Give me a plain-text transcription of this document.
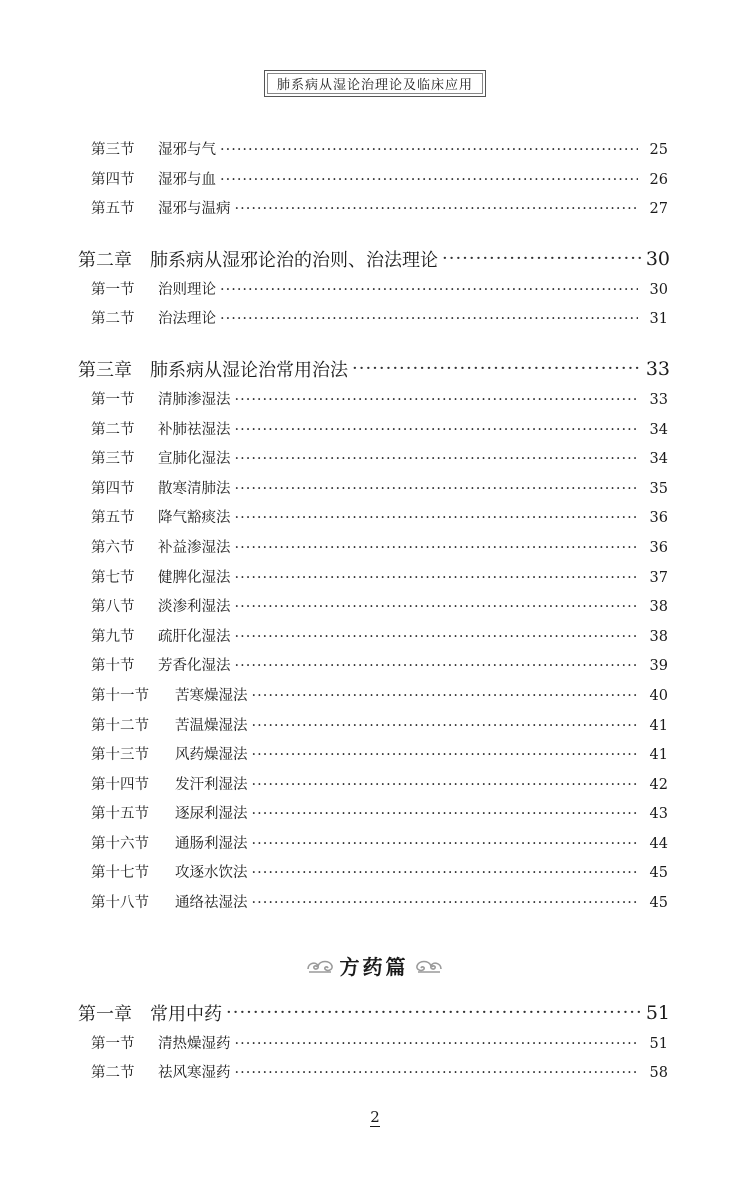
肺系病从湿论治理论及临床应用
第三节	湿邪与气 ·····	25
第四节	湿邪与血 ·····	26
第五节	湿邪与温病 ·····	27
第二章	肺系病从湿邪论治的治则、治法理论 ·····	30
第一节	治则理论 ·····	30
第二节	治法理论 ·····	31
第三章	肺系病从湿论治常用治法 ·····	33
第一节	清肺渗湿法 ·····	33
第二节	补肺祛湿法 ·····	34
第三节	宣肺化湿法 ·····	34
第四节	散寒清肺法 ·····	35
第五节	降气豁痰法 ·····	36
第六节	补益渗湿法 ·····	36
第七节	健脾化湿法 ·····	37
第八节	淡渗利湿法 ·····	38
第九节	疏肝化湿法 ·····	38
第十节	芳香化湿法 ·····	39
第十一节	苦寒燥湿法 ·····	40
第十二节	苦温燥湿法 ·····	41
第十三节	风药燥湿法 ·····	41
第十四节	发汗利湿法 ·····	42
第十五节	逐尿利湿法 ·····	43
第十六节	通肠利湿法 ·····	44
第十七节	攻逐水饮法 ·····	45
第十八节	通络祛湿法 ·····	45
方药篇
第一章	常用中药 ·····	51
第一节	清热燥湿药 ·····	51
第二节	祛风寒湿药 ·····	58
2
